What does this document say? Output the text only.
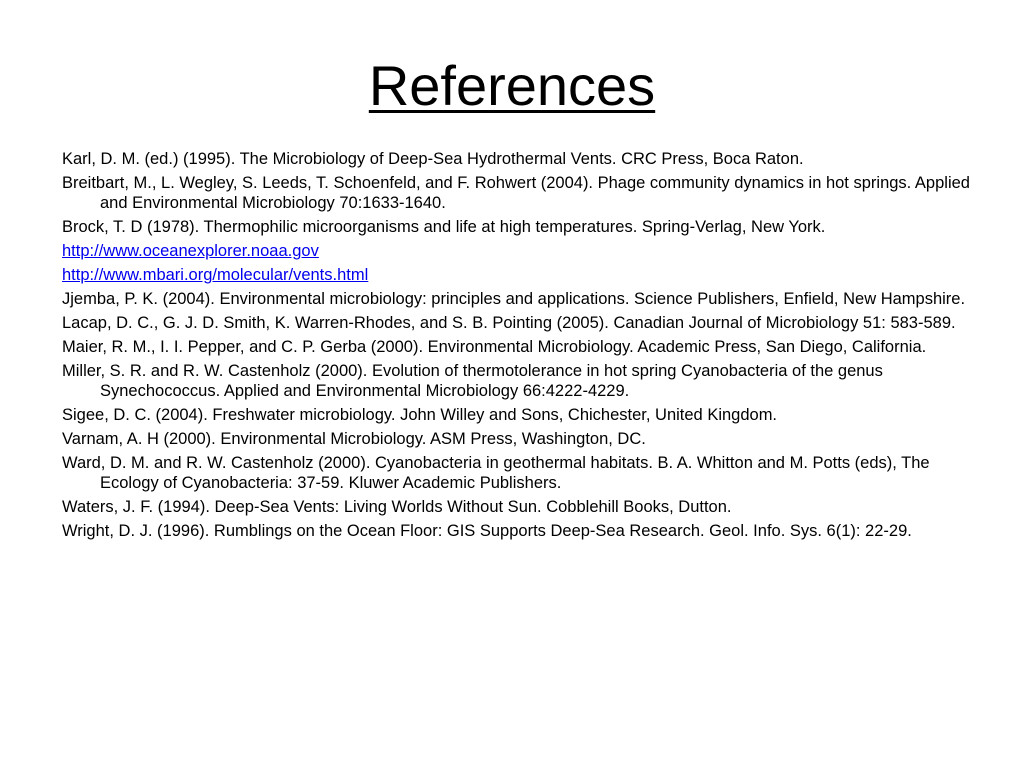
References
Karl, D. M. (ed.) (1995). The Microbiology of Deep-Sea Hydrothermal Vents. CRC Press, Boca Raton.
Breitbart, M., L. Wegley, S. Leeds, T. Schoenfeld, and F. Rohwert (2004). Phage community dynamics in hot springs. Applied and Environmental Microbiology 70:1633-1640.
Brock, T. D (1978). Thermophilic microorganisms and life at high temperatures. Spring-Verlag, New York.
http://www.oceanexplorer.noaa.gov
http://www.mbari.org/molecular/vents.html
Jjemba, P. K. (2004). Environmental microbiology: principles and applications. Science Publishers, Enfield, New Hampshire.
Lacap, D. C., G. J. D. Smith, K. Warren-Rhodes, and S. B. Pointing (2005). Canadian Journal of Microbiology 51: 583-589.
Maier, R. M., I. I. Pepper, and C. P. Gerba (2000). Environmental Microbiology. Academic Press, San Diego, California.
Miller, S. R. and R. W. Castenholz (2000). Evolution of thermotolerance in hot spring Cyanobacteria of the genus Synechococcus. Applied and Environmental Microbiology 66:4222-4229.
Sigee, D. C. (2004). Freshwater microbiology. John Willey and Sons, Chichester, United Kingdom.
Varnam, A. H (2000). Environmental Microbiology. ASM Press, Washington, DC.
Ward, D. M. and R. W. Castenholz (2000). Cyanobacteria in geothermal habitats. B. A. Whitton and M. Potts (eds), The Ecology of Cyanobacteria: 37-59. Kluwer Academic Publishers.
Waters, J. F. (1994). Deep-Sea Vents: Living Worlds Without Sun. Cobblehill Books, Dutton.
Wright, D. J. (1996). Rumblings on the Ocean Floor: GIS Supports Deep-Sea Research. Geol. Info. Sys. 6(1): 22-29.
